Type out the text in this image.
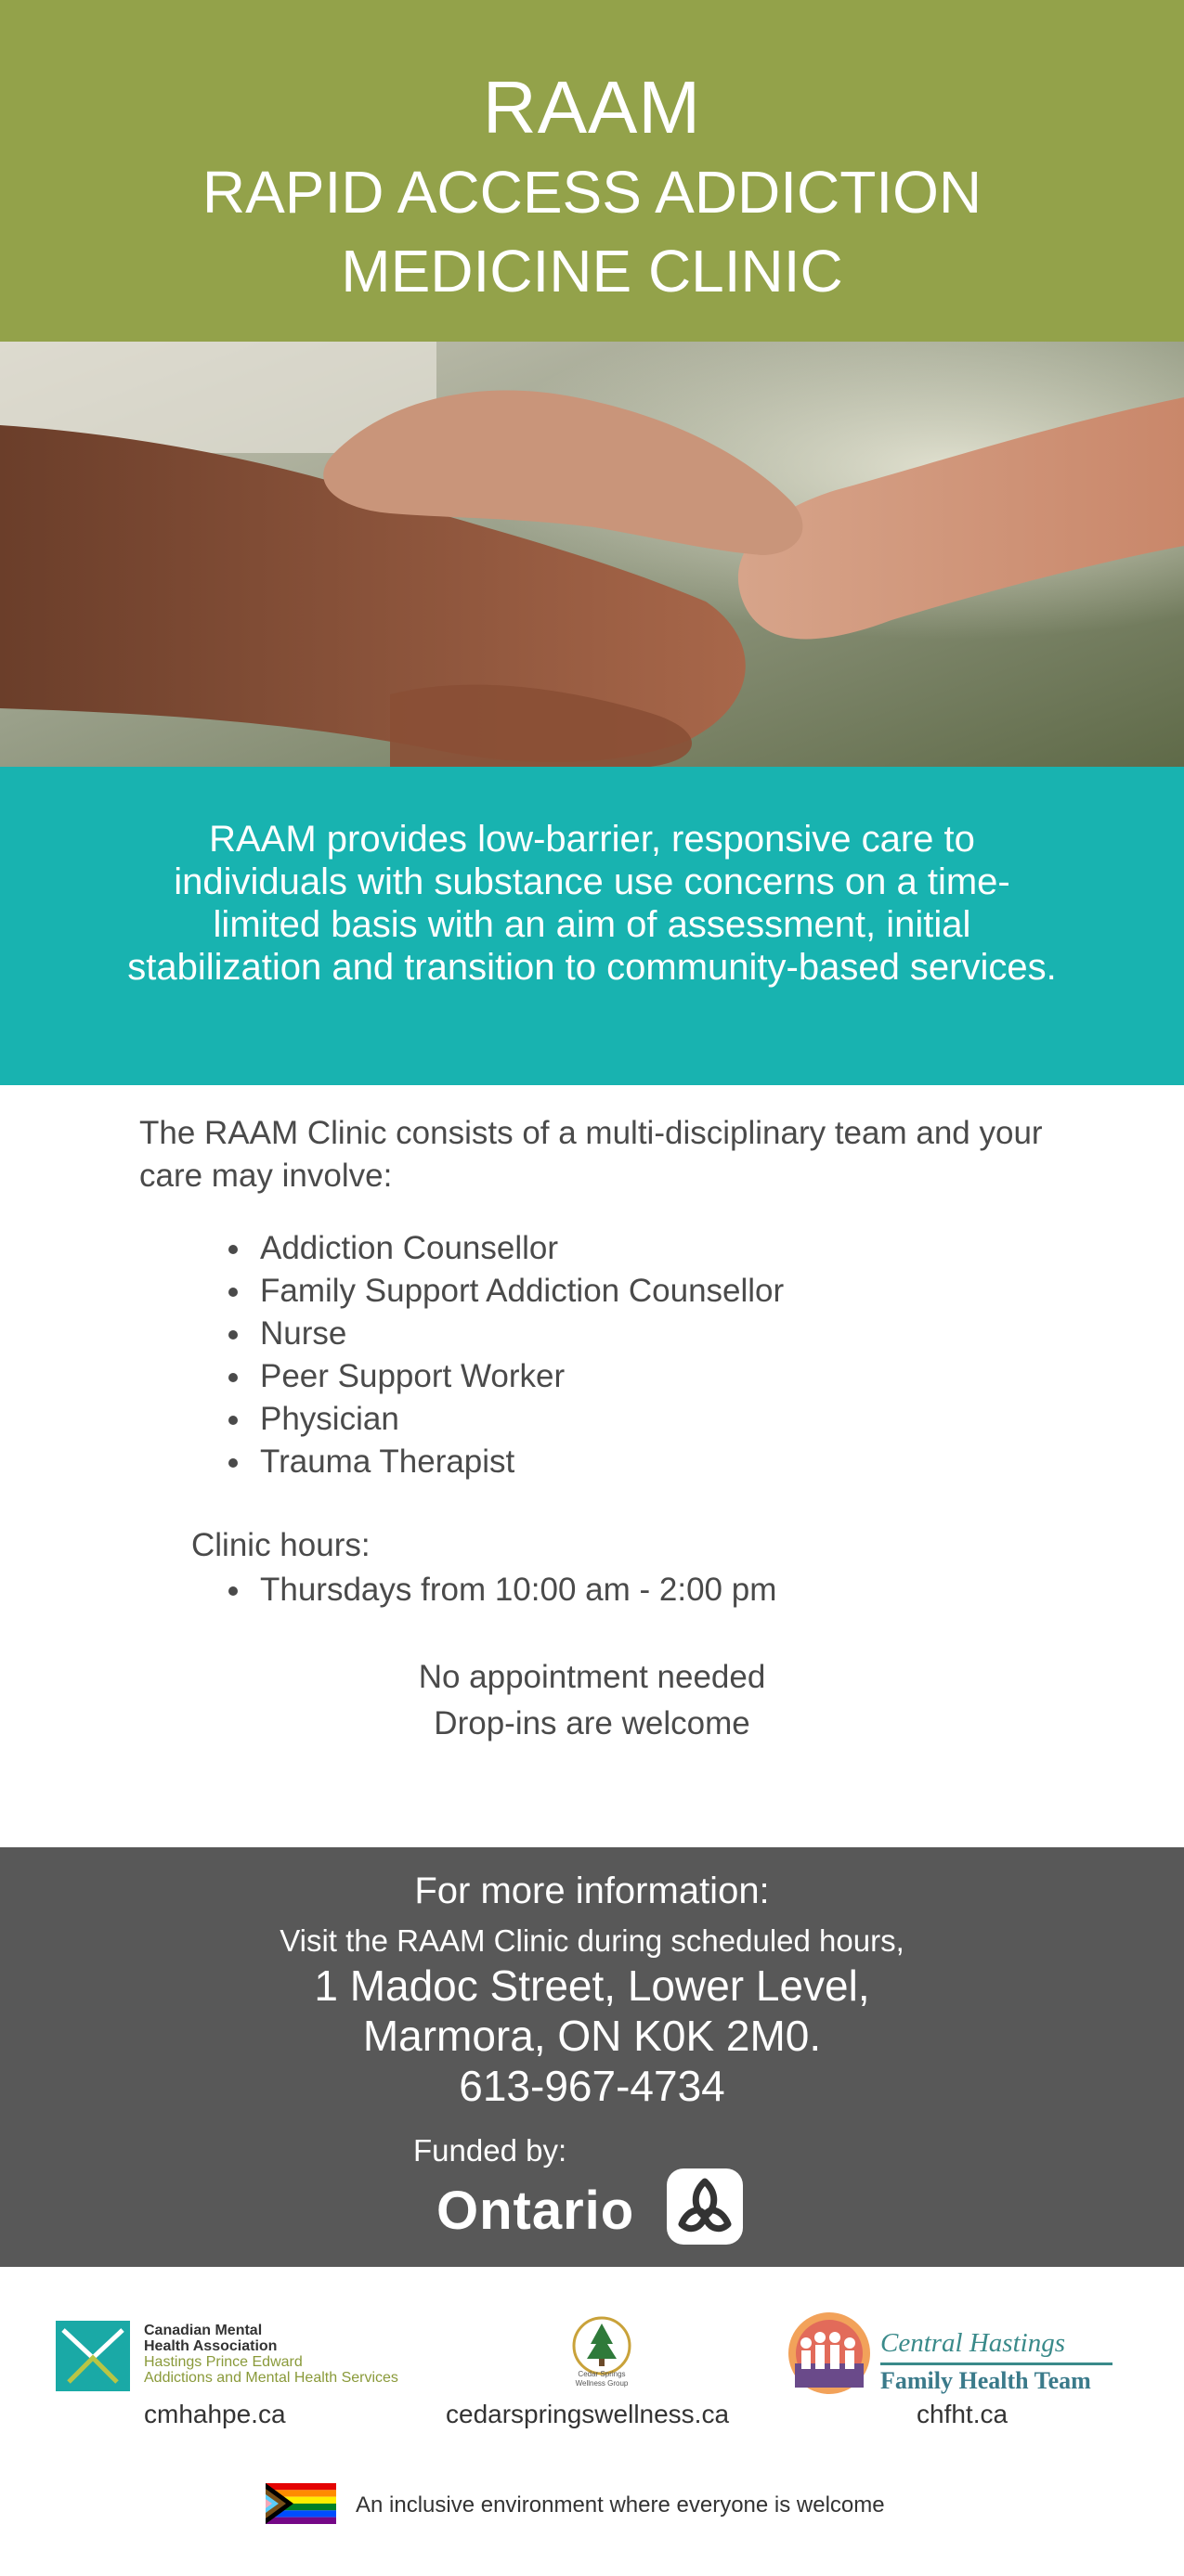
RAAM
RAPID ACCESS ADDICTION
MEDICINE CLINIC

RAAM provides low-barrier, responsive care to individuals with substance use concerns on a time-limited basis with an aim of assessment, initial stabilization and transition to community-based services.

The RAAM Clinic consists of a multi-disciplinary team and your care may involve:
Addiction Counsellor
Family Support Addiction Counsellor
Nurse
Peer Support Worker
Physician
Trauma Therapist
Clinic hours:
Thursdays from 10:00 am - 2:00 pm
No appointment needed
Drop-ins are welcome
For more information:
Visit the RAAM Clinic during scheduled hours,
1 Madoc Street, Lower Level,
Marmora, ON K0K 2M0.
613-967-4734
Funded by:
Ontario
Canadian Mental
Health Association
Hastings Prince Edward
Addictions and Mental Health Services
cmhahpe.ca
Cedar Springs Wellness Group
cedarspringswellness.ca
Central Hastings
Family Health Team
chfht.ca
An inclusive environment where everyone is welcome
